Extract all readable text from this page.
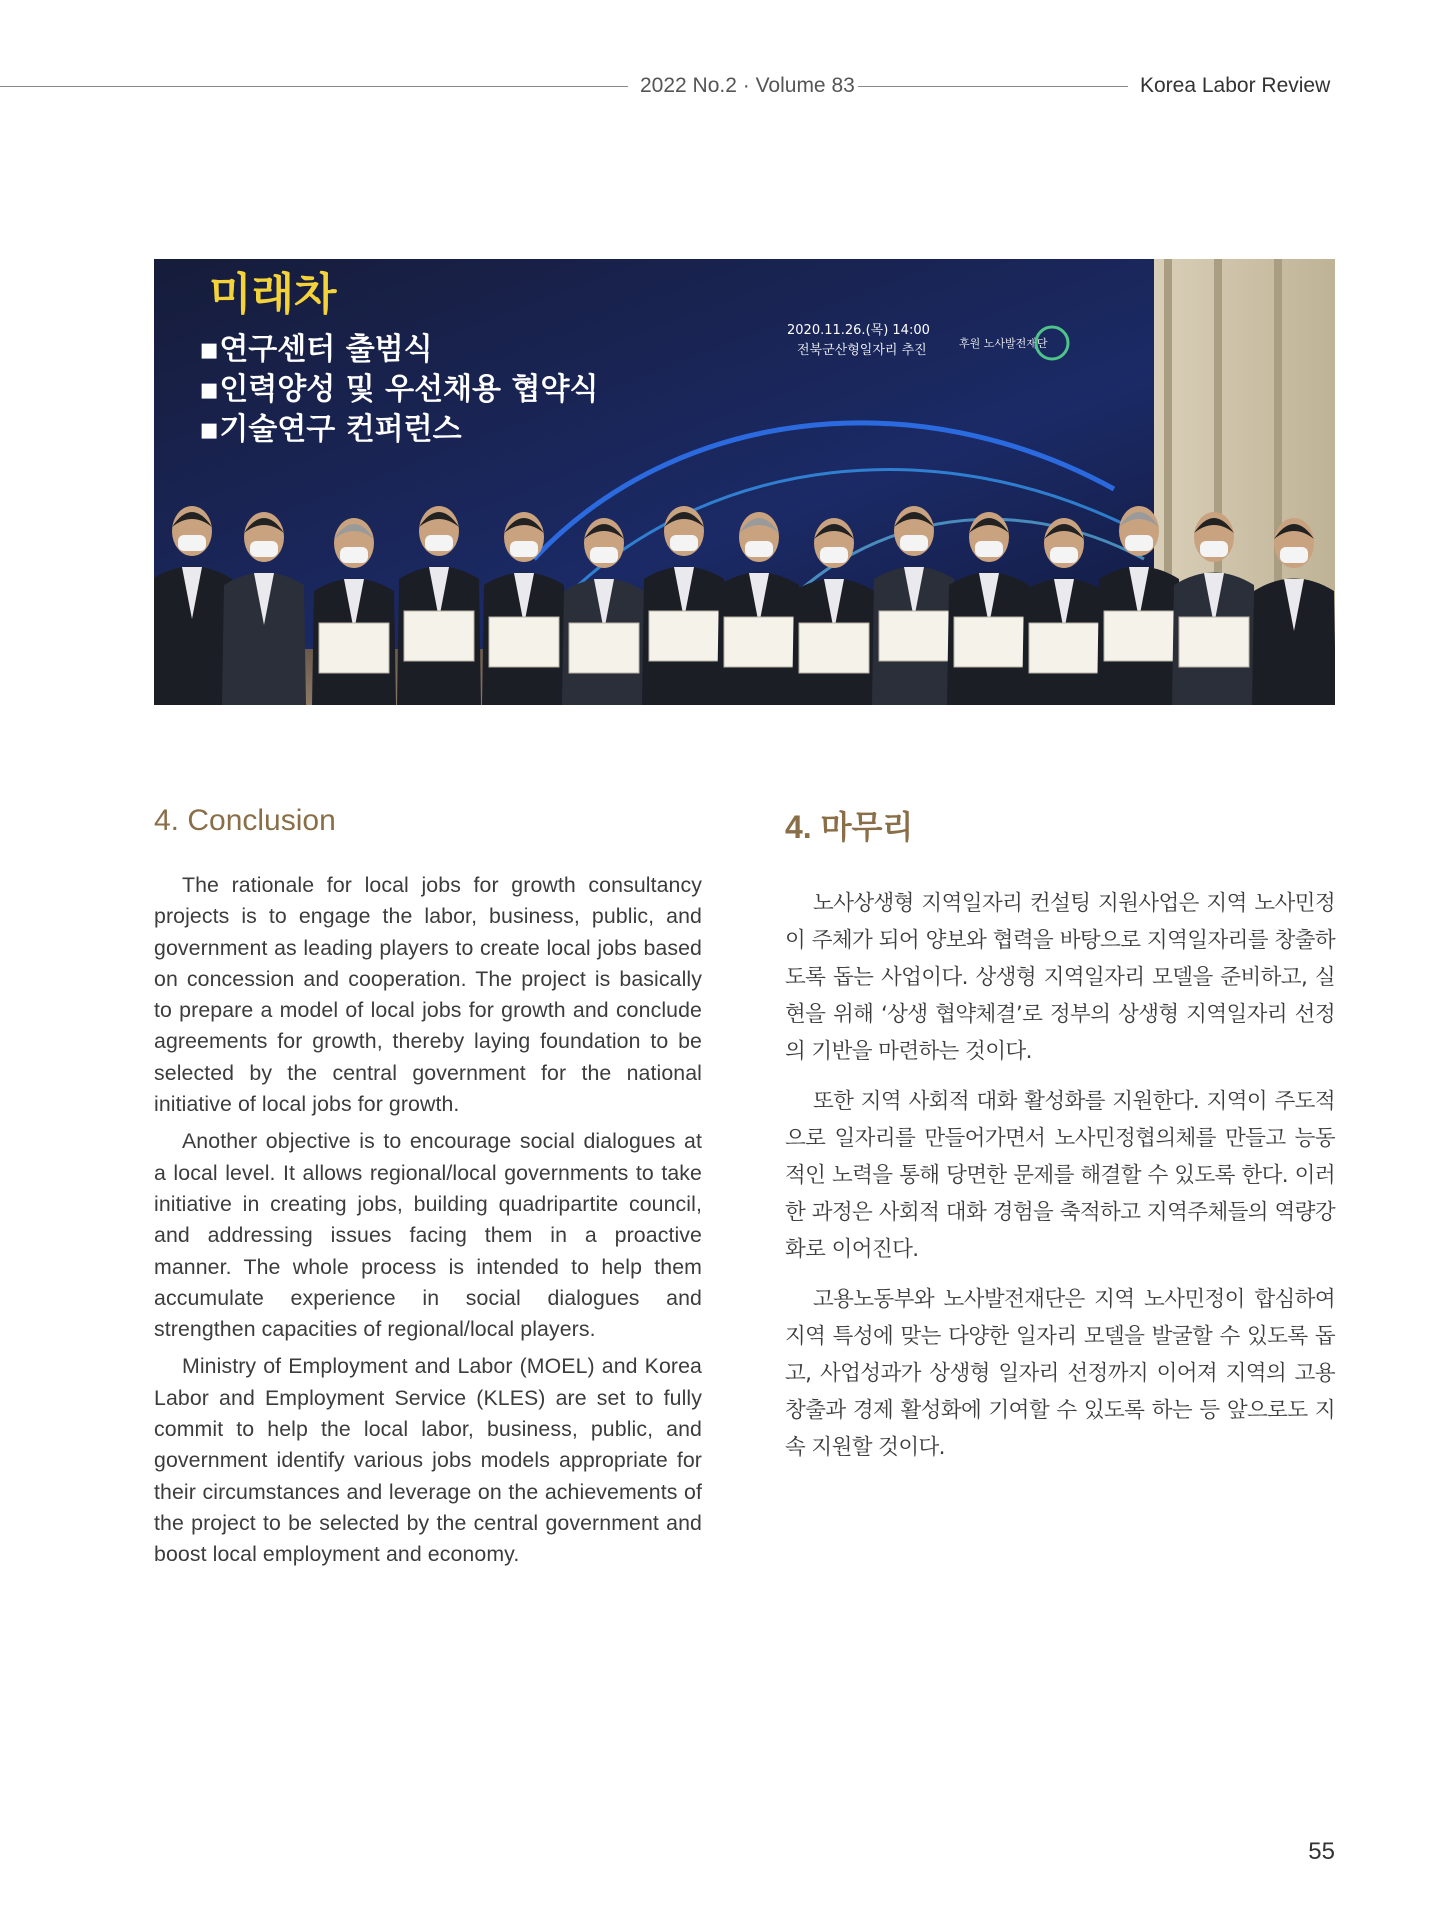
2022 No.2 · Volume 83	Korea Labor Review
미래차
▪연구센터 출범식
▪인력양성 및 우선채용 협약식
▪기술연구 컨퍼런스
2020.11.26.(목) 14:00
전북군산형일자리 추진	후원 노사발전재단
4. Conclusion

The rationale for local jobs for growth consultancy projects is to engage the labor, business, public, and government as leading players to create local jobs based on concession and cooperation. The project is basically to prepare a model of local jobs for growth and conclude agreements for growth, thereby laying foundation to be selected by the central government for the national initiative of local jobs for growth.

Another objective is to encourage social dialogues at a local level. It allows regional/local governments to take initiative in creating jobs, building quadripartite council, and addressing issues facing them in a proactive manner. The whole process is intended to help them accumulate experience in social dialogues and strengthen capacities of regional/local players.

Ministry of Employment and Labor (MOEL) and Korea Labor and Employment Service (KLES) are set to fully commit to help the local labor, business, public, and government identify various jobs models appropriate for their circumstances and leverage on the achievements of the project to be selected by the central government and boost local employment and economy.

4. 마무리

노사상생형 지역일자리 컨설팅 지원사업은 지역 노사민정이 주체가 되어 양보와 협력을 바탕으로 지역일자리를 창출하도록 돕는 사업이다. 상생형 지역일자리 모델을 준비하고, 실현을 위해 ‘상생 협약체결’로 정부의 상생형 지역일자리 선정의 기반을 마련하는 것이다.

또한 지역 사회적 대화 활성화를 지원한다. 지역이 주도적으로 일자리를 만들어가면서 노사민정협의체를 만들고 능동적인 노력을 통해 당면한 문제를 해결할 수 있도록 한다. 이러한 과정은 사회적 대화 경험을 축적하고 지역주체들의 역량강화로 이어진다.

고용노동부와 노사발전재단은 지역 노사민정이 합심하여 지역 특성에 맞는 다양한 일자리 모델을 발굴할 수 있도록 돕고, 사업성과가 상생형 일자리 선정까지 이어져 지역의 고용창출과 경제 활성화에 기여할 수 있도록 하는 등 앞으로도 지속 지원할 것이다.

55
